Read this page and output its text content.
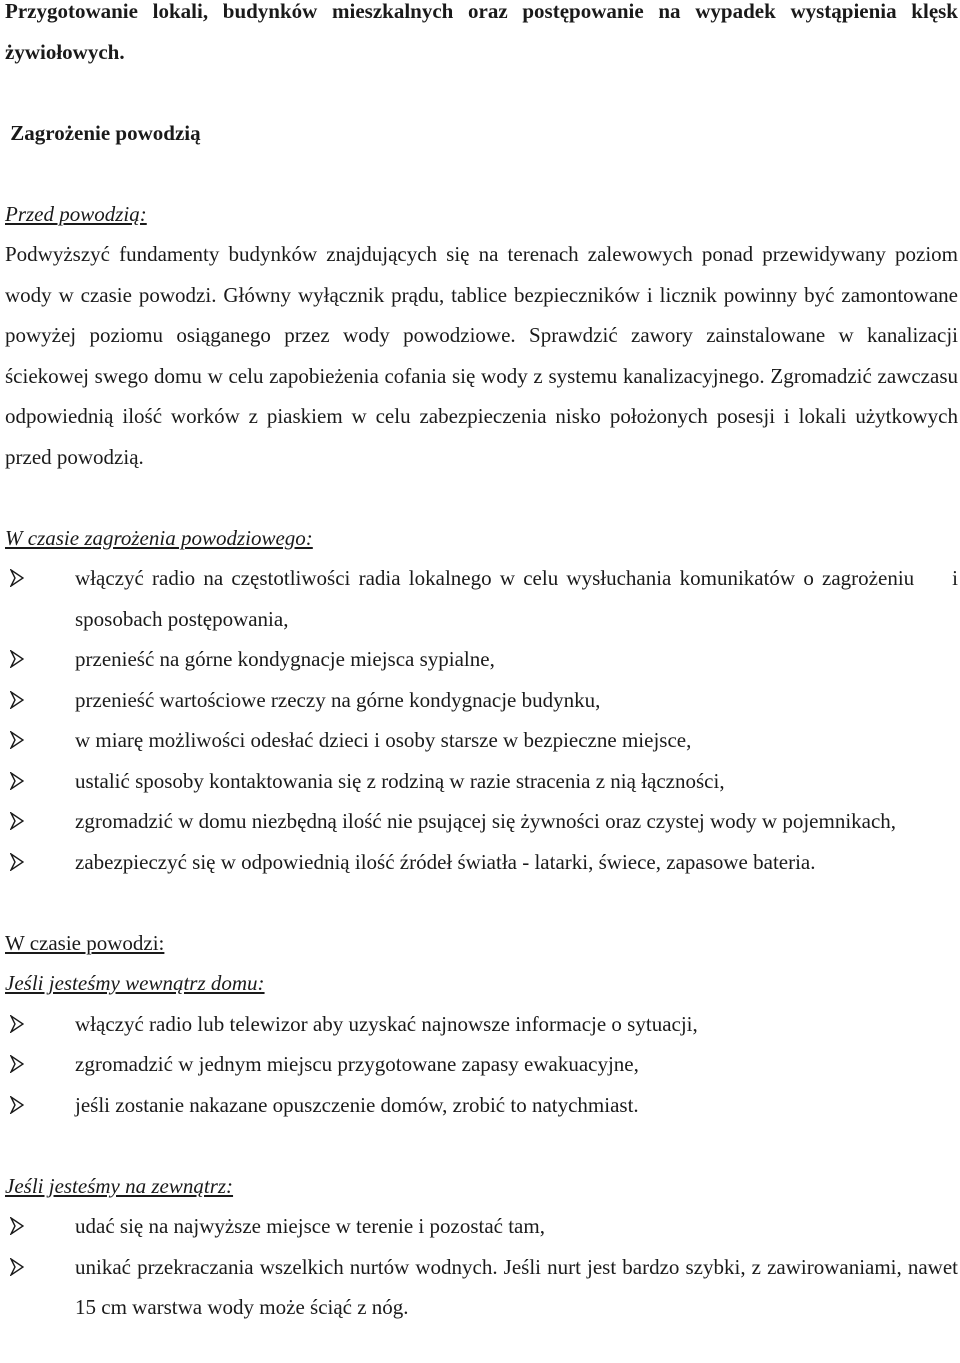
Przygotowanie lokali, budynków mieszkalnych oraz postępowanie na wypadek wystąpienia klęsk żywiołowych.

Zagrożenie powodzią

Przed powodzią:

Podwyższyć fundamenty budynków znajdujących się na terenach zalewowych ponad przewidywany poziom wody w czasie powodzi. Główny wyłącznik prądu, tablice bezpieczników i licznik powinny być zamontowane powyżej poziomu osiąganego przez wody powodziowe. Sprawdzić zawory zainstalowane w kanalizacji ściekowej swego domu w celu zapobieżenia cofania się wody z systemu kanalizacyjnego. Zgromadzić zawczasu odpowiednią ilość worków z piaskiem w celu zabezpieczenia nisko położonych posesji i lokali użytkowych przed powodzią.

W czasie zagrożenia powodziowego:

włączyć radio na częstotliwości radia lokalnego w celu wysłuchania komunikatów o zagrożeniu i sposobach postępowania,
przenieść na górne kondygnacje miejsca sypialne,
przenieść wartościowe rzeczy na górne kondygnacje budynku,
w miarę możliwości odesłać dzieci i osoby starsze w bezpieczne miejsce,
ustalić sposoby kontaktowania się z rodziną w razie stracenia z nią łączności,
zgromadzić w domu niezbędną ilość nie psującej się żywności oraz czystej wody w pojemnikach,
zabezpieczyć się w odpowiednią ilość źródeł światła - latarki, świece, zapasowe bateria.

W czasie powodzi:

Jeśli jesteśmy wewnątrz domu:

włączyć radio lub telewizor aby uzyskać najnowsze informacje o sytuacji,
zgromadzić w jednym miejscu przygotowane zapasy ewakuacyjne,
jeśli zostanie nakazane opuszczenie domów, zrobić to natychmiast.

Jeśli jesteśmy na zewnątrz:

udać się na najwyższe miejsce w terenie i pozostać tam,
unikać przekraczania wszelkich nurtów wodnych. Jeśli nurt jest bardzo szybki, z zawirowaniami, nawet 15 cm warstwa wody może ściąć z nóg.
